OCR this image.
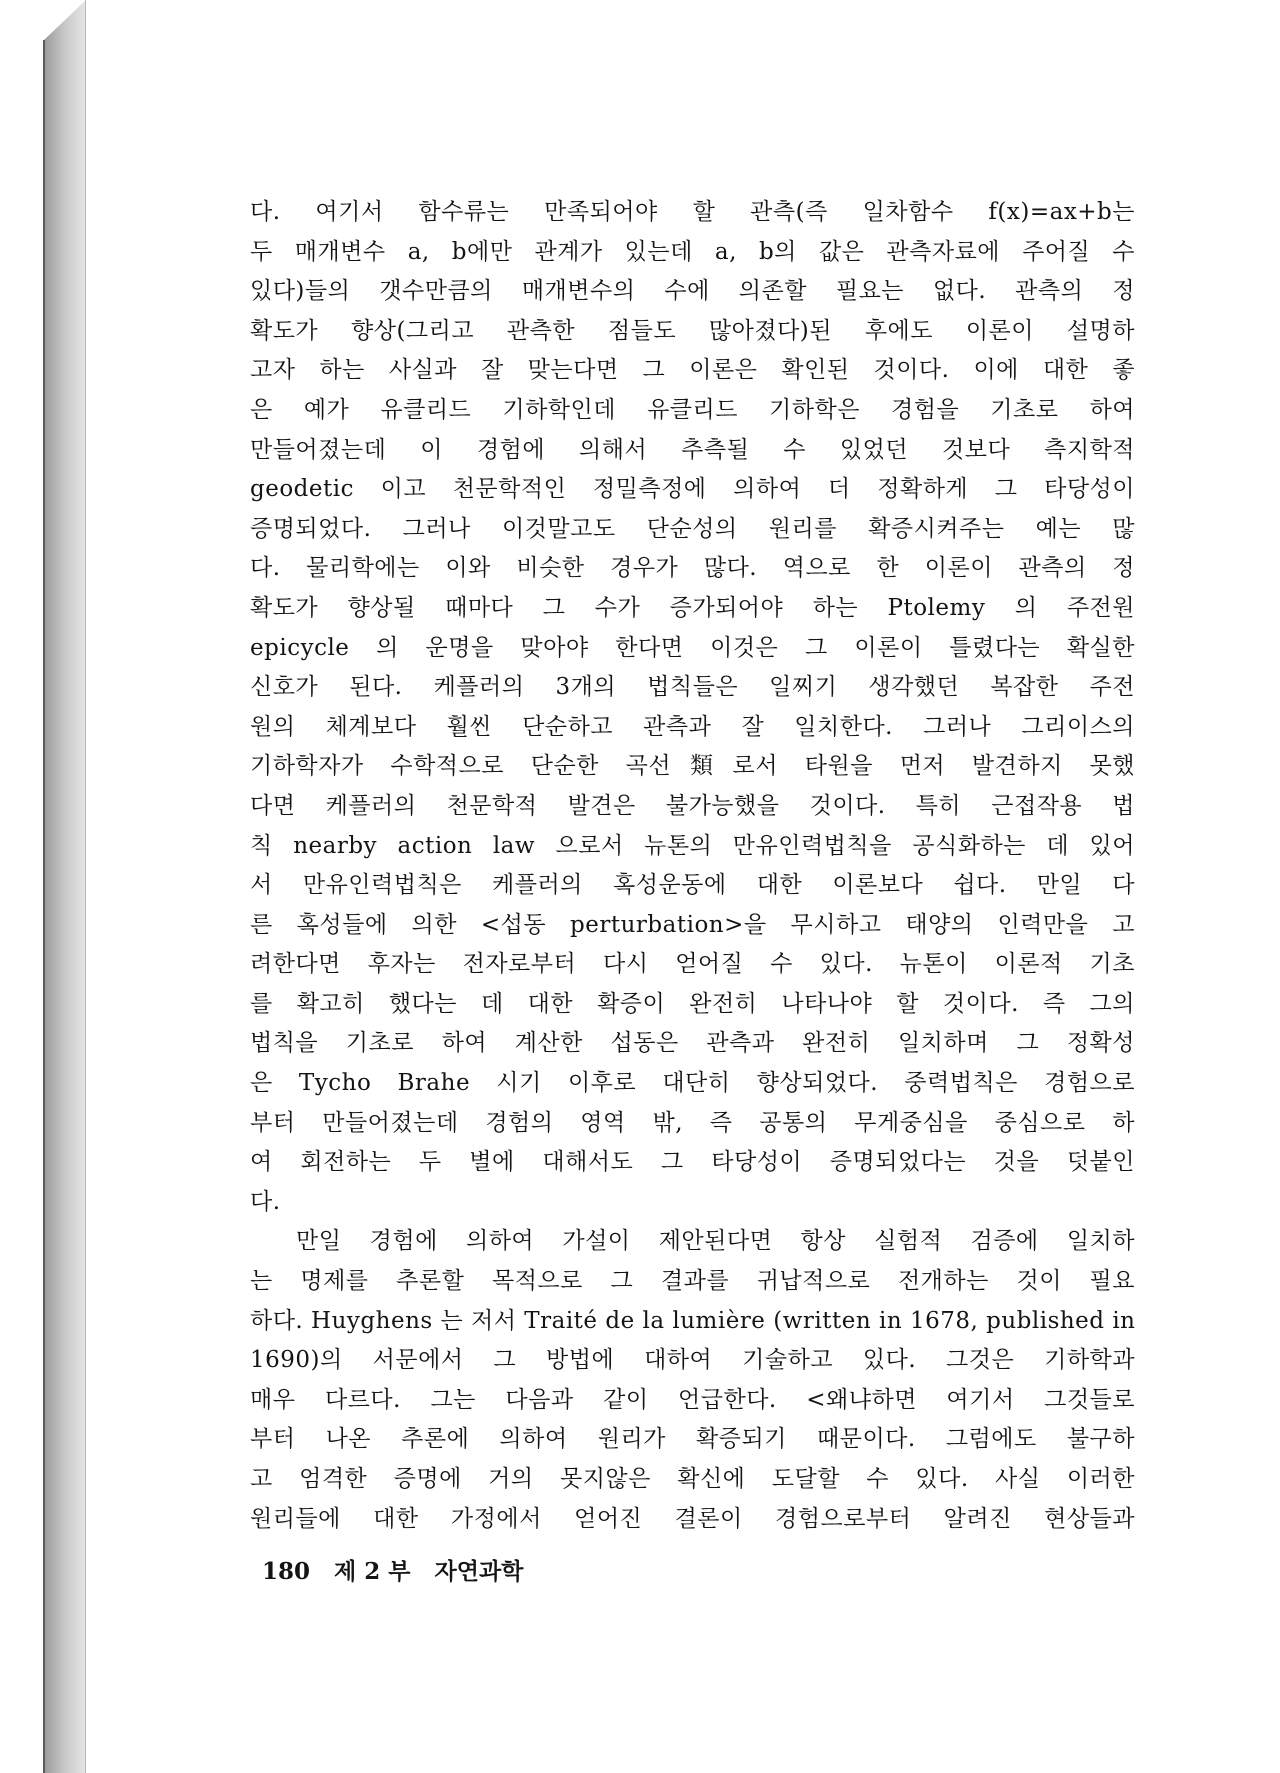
다. 여기서 함수류는 만족되어야 할 관측(즉 일차함수 f(x)=ax+b는
두 매개변수 a, b에만 관계가 있는데 a, b의 값은 관측자료에 주어질 수
있다)들의 갯수만큼의 매개변수의 수에 의존할 필요는 없다. 관측의 정
확도가 향상(그리고 관측한 점들도 많아졌다)된 후에도 이론이 설명하
고자 하는 사실과 잘 맞는다면 그 이론은 확인된 것이다. 이에 대한 좋
은 예가 유클리드 기하학인데 유클리드 기하학은 경험을 기초로 하여
만들어졌는데 이 경험에 의해서 추측될 수 있었던 것보다 측지학적
geodetic 이고 천문학적인 정밀측정에 의하여 더 정확하게 그 타당성이
증명되었다. 그러나 이것말고도 단순성의 원리를 확증시켜주는 예는 많
다. 물리학에는 이와 비슷한 경우가 많다. 역으로 한 이론이 관측의 정
확도가 향상될 때마다 그 수가 증가되어야 하는 Ptolemy 의 주전원
epicycle 의 운명을 맞아야 한다면 이것은 그 이론이 틀렸다는 확실한
신호가 된다. 케플러의 3개의 법칙들은 일찌기 생각했던 복잡한 주전
원의 체계보다 훨씬 단순하고 관측과 잘 일치한다. 그러나 그리이스의
기하학자가 수학적으로 단순한 곡선類로서 타원을 먼저 발견하지 못했
다면 케플러의 천문학적 발견은 불가능했을 것이다. 특히 근접작용 법
칙 nearby action law 으로서 뉴톤의 만유인력법칙을 공식화하는 데 있어
서 만유인력법칙은 케플러의 혹성운동에 대한 이론보다 쉽다. 만일 다
른 혹성들에 의한 <섭동 perturbation>을 무시하고 태양의 인력만을 고
려한다면 후자는 전자로부터 다시 얻어질 수 있다. 뉴톤이 이론적 기초
를 확고히 했다는 데 대한 확증이 완전히 나타나야 할 것이다. 즉 그의
법칙을 기초로 하여 계산한 섭동은 관측과 완전히 일치하며 그 정확성
은 Tycho Brahe 시기 이후로 대단히 향상되었다. 중력법칙은 경험으로
부터 만들어졌는데 경험의 영역 밖, 즉 공통의 무게중심을 중심으로 하
여 회전하는 두 별에 대해서도 그 타당성이 증명되었다는 것을 덧붙인
다.
만일 경험에 의하여 가설이 제안된다면 항상 실험적 검증에 일치하
는 명제를 추론할 목적으로 그 결과를 귀납적으로 전개하는 것이 필요
하다. Huyghens 는 저서 Traité de la lumière (written in 1678, published in
1690)의 서문에서 그 방법에 대하여 기술하고 있다. 그것은 기하학과
매우 다르다. 그는 다음과 같이 언급한다. <왜냐하면 여기서 그것들로
부터 나온 추론에 의하여 원리가 확증되기 때문이다. 그럼에도 불구하
고 엄격한 증명에 거의 못지않은 확신에 도달할 수 있다. 사실 이러한
원리들에 대한 가정에서 얻어진 결론이 경험으로부터 알려진 현상들과
180 제 2 부 자연과학
